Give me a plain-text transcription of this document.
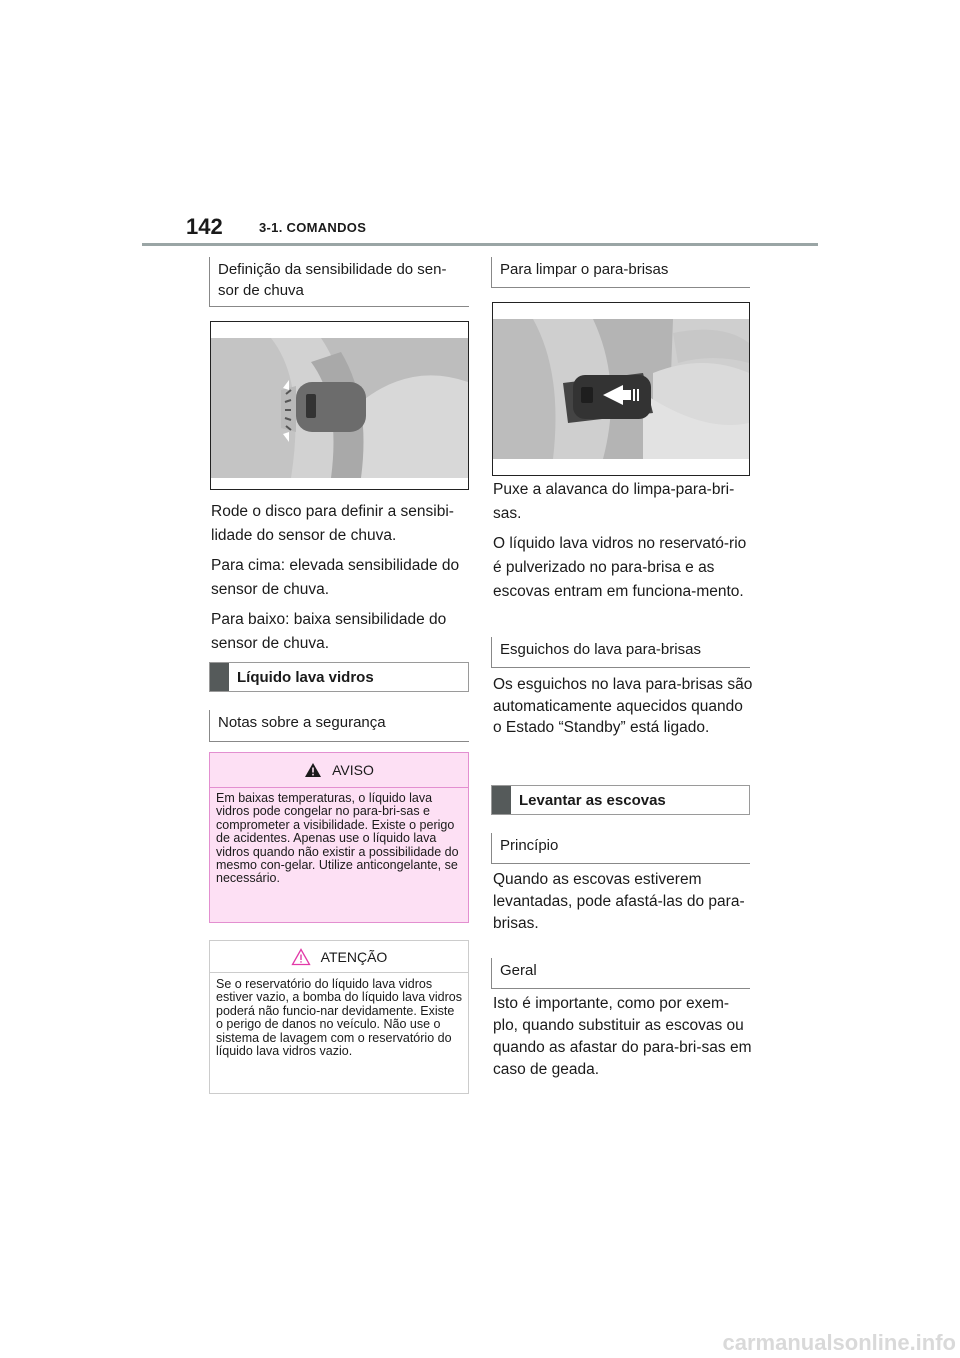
142	3-1. COMANDOS
Definição da sensibilidade do sen-sor de chuva

Rode o disco para definir a sensibi-lidade do sensor de chuva.

Para cima: elevada sensibilidade do sensor de chuva.

Para baixo: baixa sensibilidade do sensor de chuva.

Líquido lava vidros
Notas sobre a segurança
AVISO
Em baixas temperaturas, o líquido lava vidros pode congelar no para-bri-sas e comprometer a visibilidade. Existe o perigo de acidentes. Apenas use o líquido lava vidros quando não existir a possibilidade do mesmo con-gelar. Utilize anticongelante, se necessário.
ATENÇÃO
Se o reservatório do líquido lava vidros estiver vazio, a bomba do líquido lava vidros poderá não funcio-nar devidamente. Existe o perigo de danos no veículo. Não use o sistema de lavagem com o reservatório do líquido lava vidros vazio.
Para limpar o para-brisas

Puxe a alavanca do limpa-para-bri-sas.

O líquido lava vidros no reservató-rio é pulverizado no para-brisa e as escovas entram em funciona-mento.

Esguichos do lava para-brisas

Os esguichos no lava para-brisas são automaticamente aquecidos quando o Estado “Standby” está ligado.

Levantar as escovas
Princípio

Quando as escovas estiverem levantadas, pode afastá-las do para-brisas.

Geral

Isto é importante, como por exem-plo, quando substituir as escovas ou quando as afastar do para-bri-sas em caso de geada.

carmanualsonline.info
